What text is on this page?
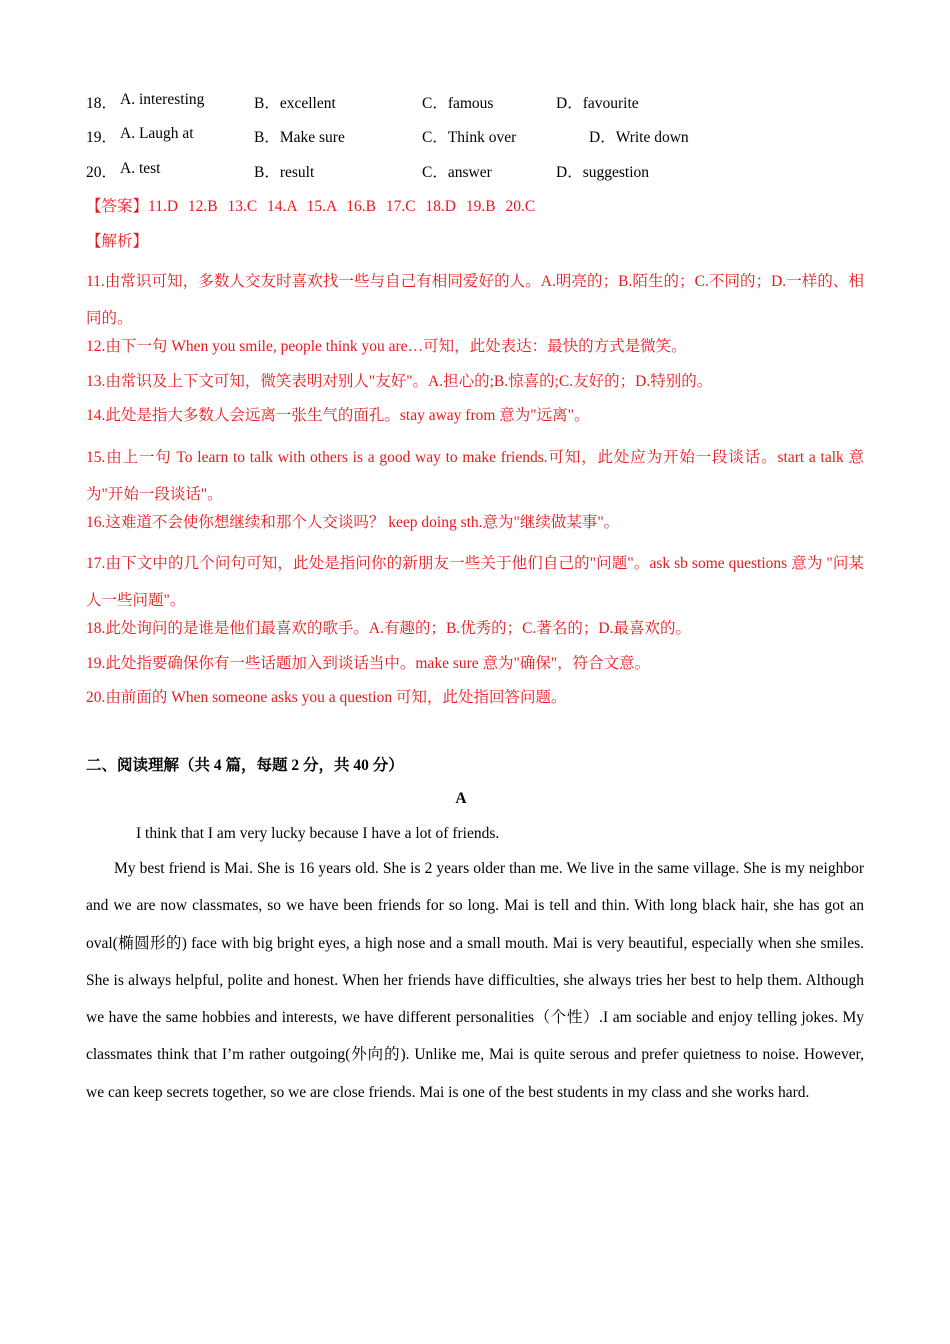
18． A. interesting	B．excellent	C．famous	D．favourite
19． A. Laugh at	B．Make sure	C．Think over	D．Write down
20． A. test	B．result	C．answer	D．suggestion
【答案】11.D 12.B 13.C 14.A 15.A 16.B 17.C 18.D 19.B 20.C
【解析】

11.由常识可知，多数人交友时喜欢找一些与自己有相同爱好的人。A.明亮的；B.陌生的；C.不同的；D.一样的、相同的。

12.由下一句 When you smile, people think you are…可知，此处表达：最快的方式是微笑。

13.由常识及上下文可知，微笑表明对别人"友好"。A.担心的;B.惊喜的;C.友好的；D.特别的。

14.此处是指大多数人会远离一张生气的面孔。stay away from 意为"远离"。

15.由上一句 To learn to talk with others is a good way to make friends.可知，此处应为开始一段谈话。start a talk 意为"开始一段谈话"。

16.这难道不会使你想继续和那个人交谈吗？ keep doing sth.意为"继续做某事"。

17.由下文中的几个问句可知，此处是指问你的新朋友一些关于他们自己的"问题"。ask sb some questions 意为 "问某人一些问题"。

18.此处询问的是谁是他们最喜欢的歌手。A.有趣的；B.优秀的；C.著名的；D.最喜欢的。

19.此处指要确保你有一些话题加入到谈话当中。make sure 意为"确保"，符合文意。

20.由前面的 When someone asks you a question 可知，此处指回答问题。

二、阅读理解（共 4 篇，每题 2 分，共 40 分）
A
I think that I am very lucky because I have a lot of friends.

My best friend is Mai. She is 16 years old. She is 2 years older than me. We live in the same village. She is my neighbor and we are now classmates, so we have been friends for so long. Mai is tell and thin. With long black hair, she has got an oval(椭圆形的) face with big bright eyes, a high nose and a small mouth. Mai is very beautiful, especially when she smiles. She is always helpful, polite and honest. When her friends have difficulties, she always tries her best to help them. Although we have the same hobbies and interests, we have different personalities（个性）.I am sociable and enjoy telling jokes. My classmates think that I’m rather outgoing(外向的). Unlike me, Mai is quite serous and prefer quietness to noise. However, we can keep secrets together, so we are close friends. Mai is one of the best students in my class and she works hard.
